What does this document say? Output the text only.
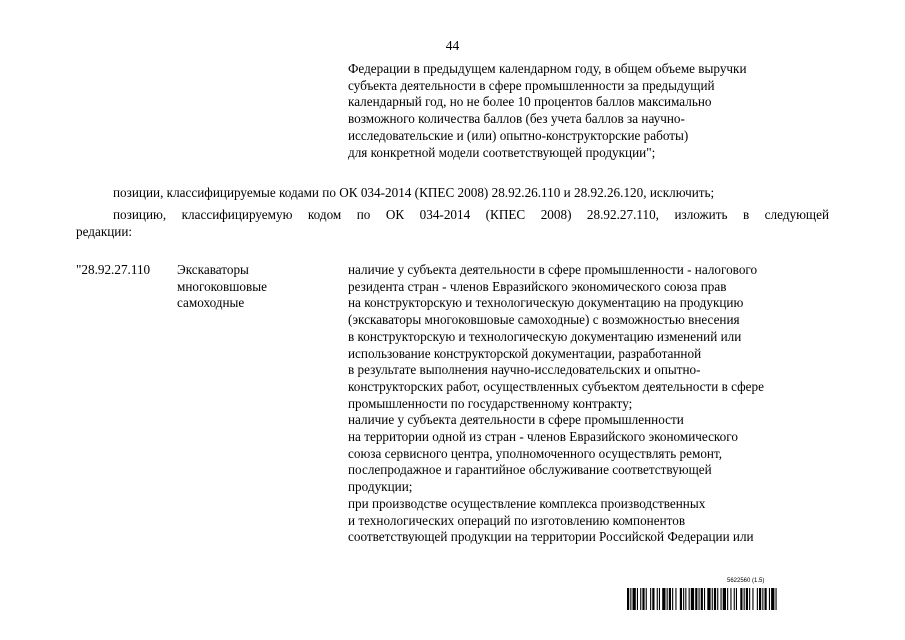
44
Федерации в предыдущем календарном году, в общем объеме выручки
субъекта деятельности в сфере промышленности за предыдущий
календарный год, но не более 10 процентов баллов максимально
возможного количества баллов (без учета баллов за научно-
исследовательские и (или) опытно-конструкторские работы)
для конкретной модели соответствующей продукции";
позиции, классифицируемые кодами по ОК 034-2014 (КПЕС 2008) 28.92.26.110 и 28.92.26.120, исключить;
позицию, классифицируемую кодом по ОК 034-2014 (КПЕС 2008) 28.92.27.110, изложить в следующей
редакции:
"28.92.27.110 Экскаваторы
многоковшовые
самоходные
наличие у субъекта деятельности в сфере промышленности - налогового
резидента стран - членов Евразийского экономического союза прав
на конструкторскую и технологическую документацию на продукцию
(экскаваторы многоковшовые самоходные) с возможностью внесения
в конструкторскую и технологическую документацию изменений или
использование конструкторской документации, разработанной
в результате выполнения научно-исследовательских и опытно-
конструкторских работ, осуществленных субъектом деятельности в сфере
промышленности по государственному контракту;
наличие у субъекта деятельности в сфере промышленности
на территории одной из стран - членов Евразийского экономического
союза сервисного центра, уполномоченного осуществлять ремонт,
послепродажное и гарантийное обслуживание соответствующей
продукции;
при производстве осуществление комплекса производственных
и технологических операций по изготовлению компонентов
соответствующей продукции на территории Российской Федерации или
5622560 (1.5)
